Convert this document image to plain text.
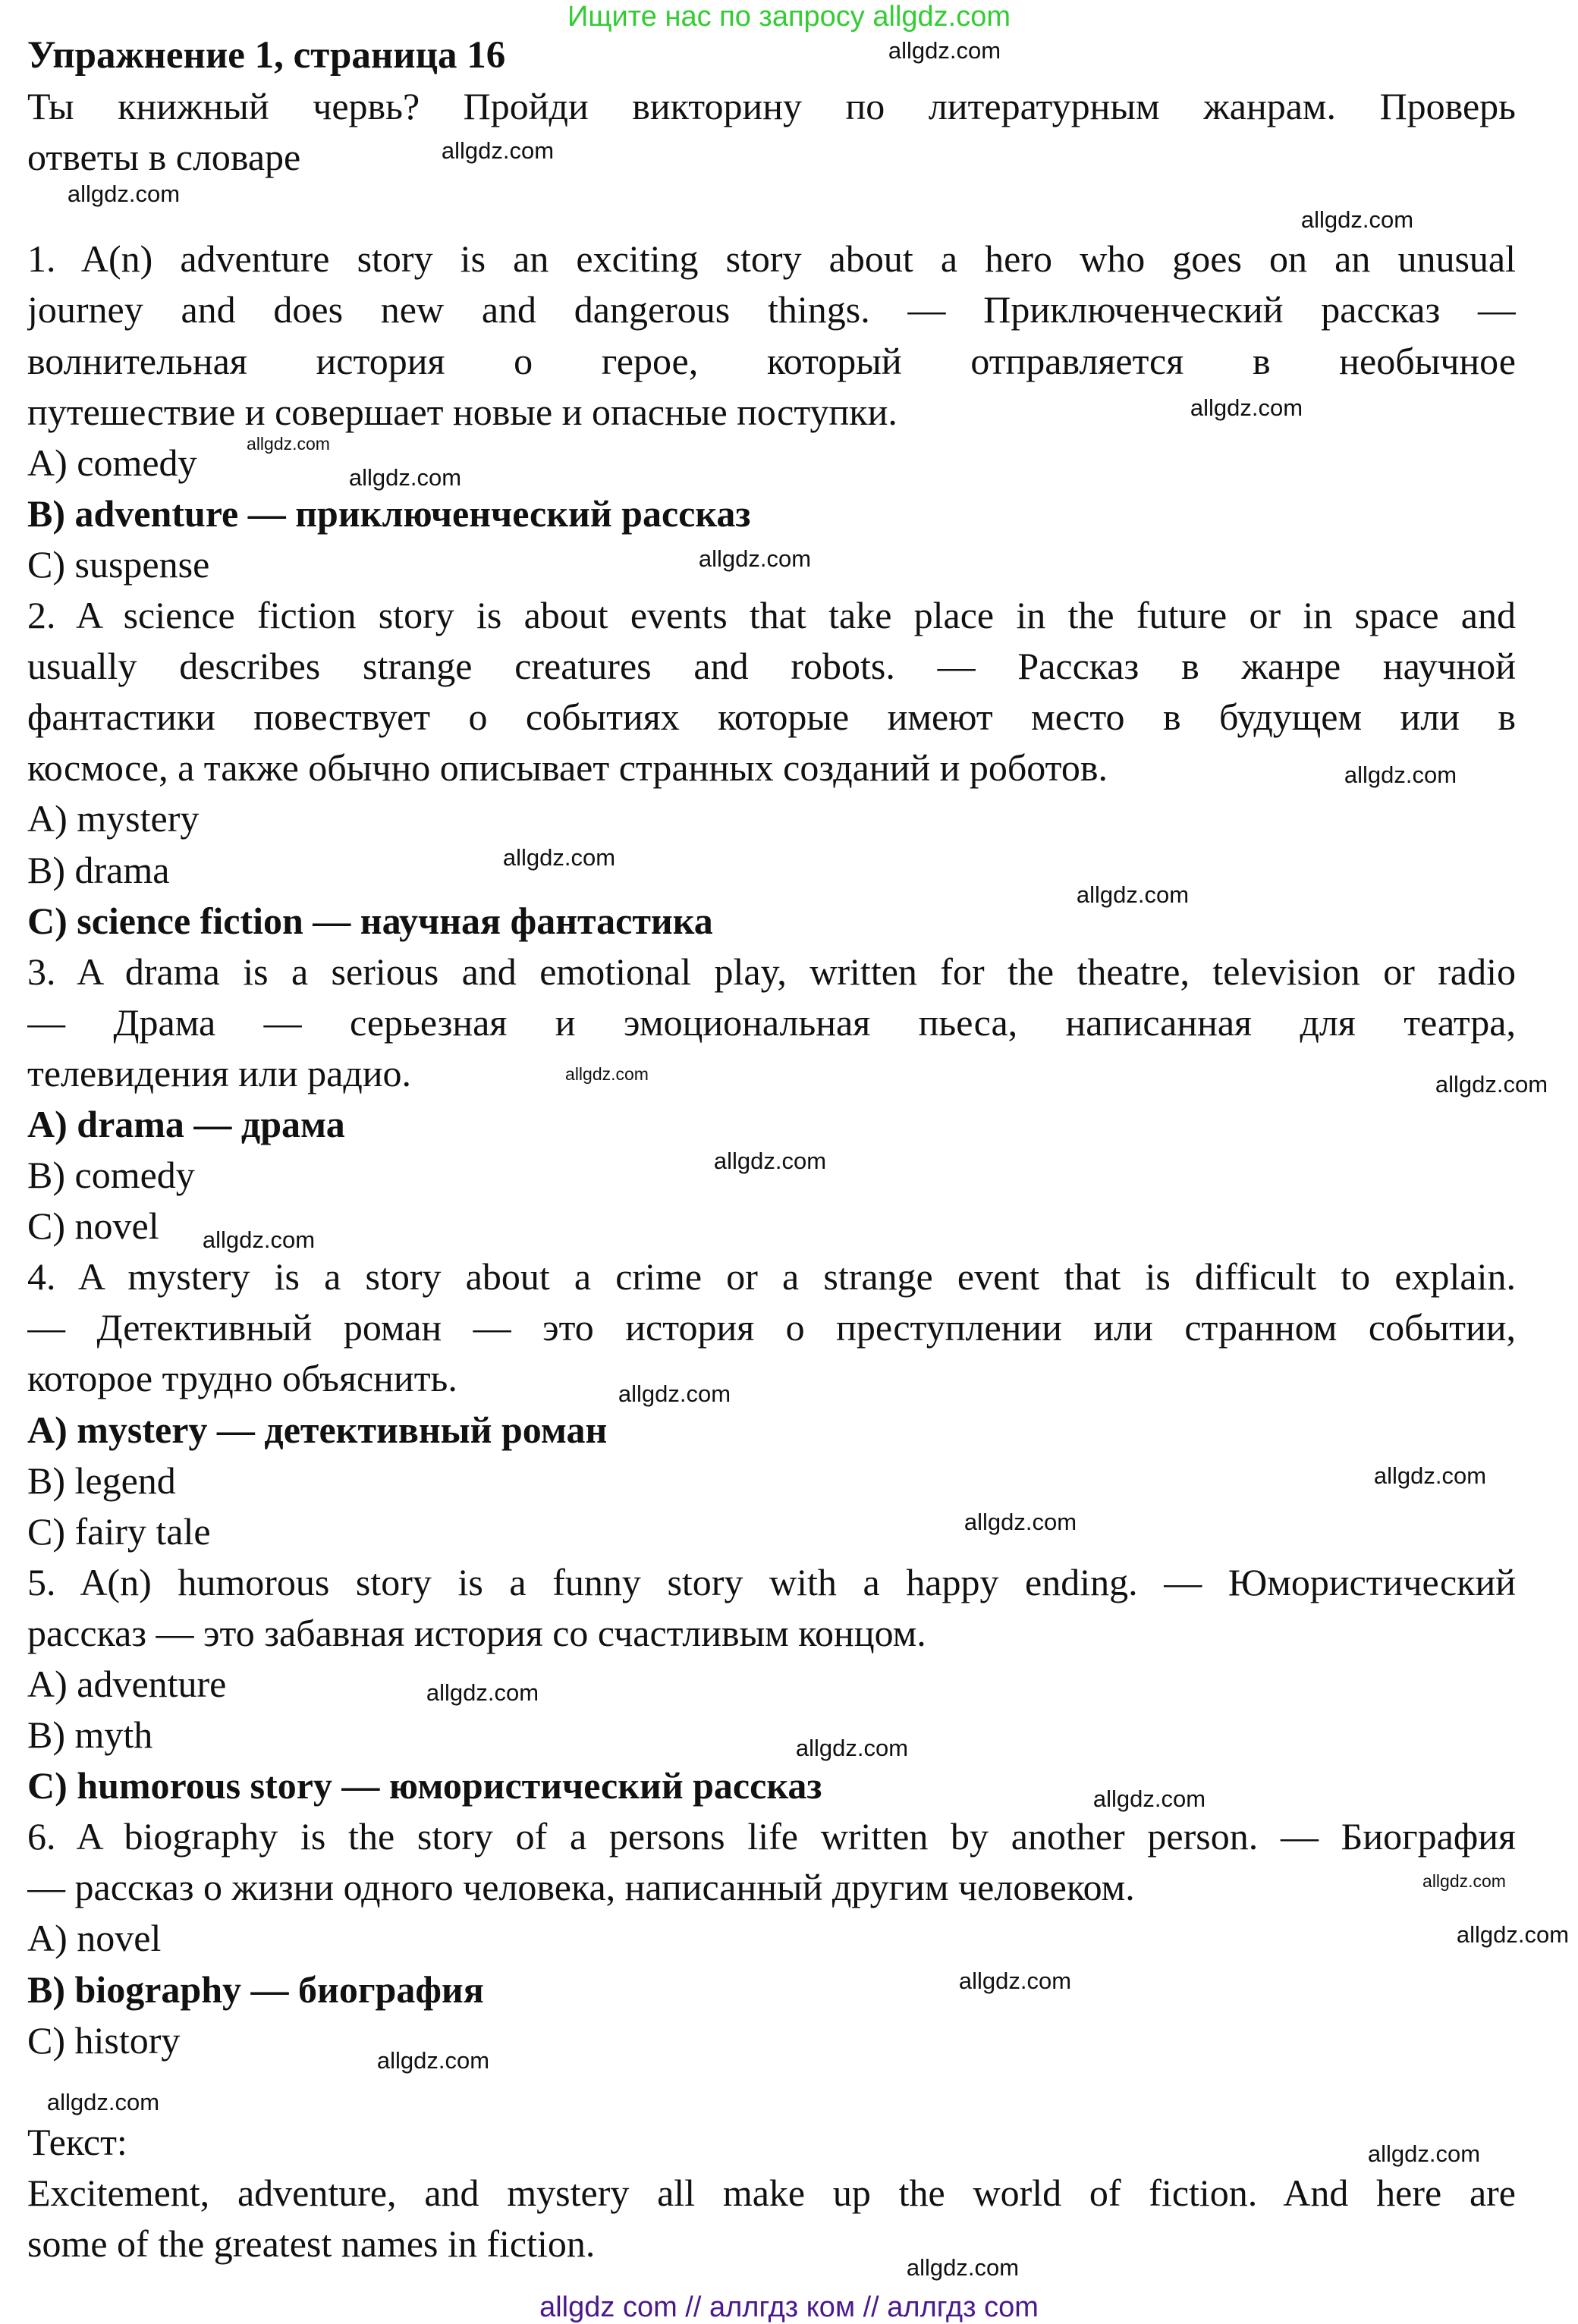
Ищите нас по запросу allgdz.com
Упражнение 1, страница 16
Ты книжный червь? Пройди викторину по литературным жанрам. Проверь
ответы в словаре
1. A(n) adventure story is an exciting story about a hero who goes on an unusual
journey and does new and dangerous things. — Приключенческий рассказ —
волнительная история о герое, который отправляется в необычное
путешествие и совершает новые и опасные поступки.
A) comedy
B) adventure — приключенческий рассказ
C) suspense
2. A science fiction story is about events that take place in the future or in space and
usually describes strange creatures and robots. — Рассказ в жанре научной
фантастики повествует о событиях которые имеют место в будущем или в
космосе, а также обычно описывает странных созданий и роботов.
A) mystery
B) drama
C) science fiction — научная фантастика
3. A drama is a serious and emotional play, written for the theatre, television or radio
— Драма — серьезная и эмоциональная пьеса, написанная для театра,
телевидения или радио.
A) drama — драма
B) comedy
C) novel
4. A mystery is a story about a crime or a strange event that is difficult to explain.
— Детективный роман — это история о преступлении или странном событии,
которое трудно объяснить.
A) mystery — детективный роман
B) legend
C) fairy tale
5. A(n) humorous story is a funny story with a happy ending. — Юмористический
рассказ — это забавная история со счастливым концом.
A) adventure
B) myth
C) humorous story — юмористический рассказ
6. A biography is the story of a persons life written by another person. — Биография
— рассказ о жизни одного человека, написанный другим человеком.
A) novel
B) biography — биография
C) history
Текст:
Excitement, adventure, and mystery all make up the world of fiction. And here are
some of the greatest names in fiction.
allgdz.com
allgdz.com
allgdz.com
allgdz.com
allgdz.com
allgdz.com
allgdz.com
allgdz.com
allgdz.com
allgdz.com
allgdz.com
allgdz.com	allgdz.com
allgdz.com
allgdz.com
allgdz.com
allgdz.com
allgdz.com
allgdz.com
allgdz.com
allgdz.com
allgdz.com
allgdz.com
allgdz.com
allgdz.com
allgdz.com
allgdz.com
allgdz.com
allgdz com // аллгдз ком // аллгдз com
